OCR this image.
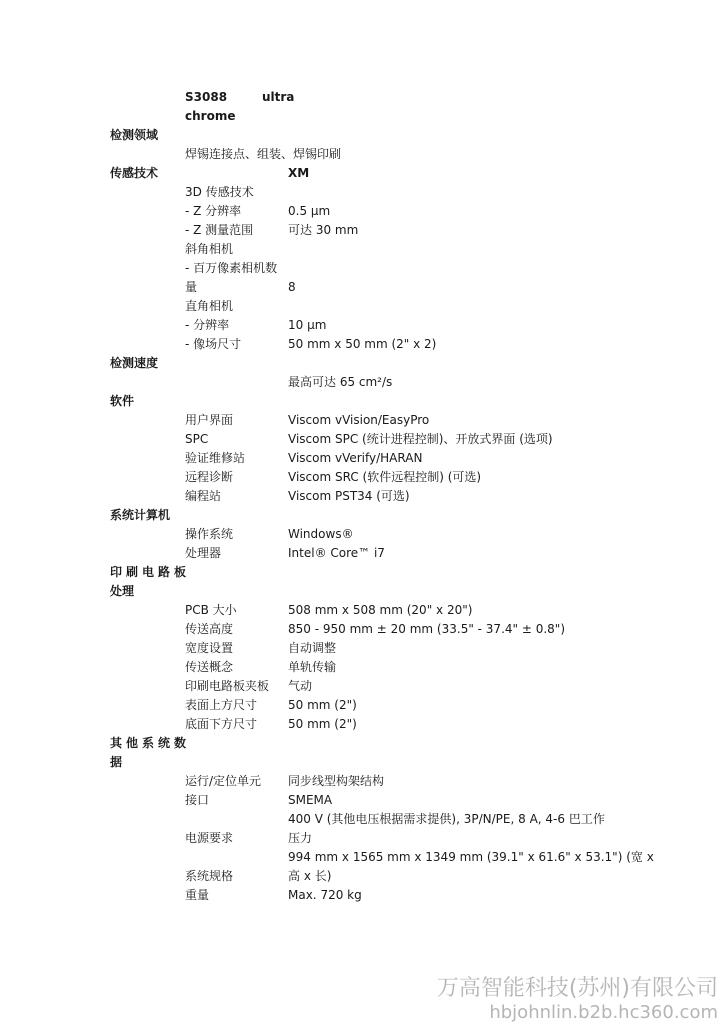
S3088	ultra
chrome
检测领域
焊锡连接点、组装、焊锡印刷
传感技术	XM
3D 传感技术
- Z 分辨率	0.5 μm
- Z 测量范围	可达 30 mm
斜角相机
- 百万像素相机数
量	8
直角相机
- 分辨率	10 μm
- 像场尺寸	50 mm x 50 mm (2" x 2)
检测速度
最高可达 65 cm²/s
软件
用户界面	Viscom vVision/EasyPro
SPC	Viscom SPC (统计进程控制)、开放式界面 (选项)
验证维修站	Viscom vVerify/HARAN
远程诊断	Viscom SRC (软件远程控制) (可选)
编程站	Viscom PST34 (可选)
系统计算机
操作系统	Windows®
处理器	Intel® Core™ i7
印刷电路板
处理
PCB 大小	508 mm x 508 mm (20" x 20")
传送高度	850 - 950 mm ± 20 mm (33.5" - 37.4" ± 0.8")
宽度设置	自动调整
传送概念	单轨传输
印刷电路板夹板 气动
表面上方尺寸	50 mm (2")
底面下方尺寸	50 mm (2")
其他系统数
据
运行/定位单元 同步线型构架结构
接口	SMEMA
400 V (其他电压根据需求提供), 3P/N/PE, 8 A, 4-6 巴工作
电源要求	压力
994 mm x 1565 mm x 1349 mm (39.1" x 61.6" x 53.1") (宽 x
系统规格	高 x 长)
重量	Max. 720 kg
万高智能科技(苏州)有限公司
hbjohnlin.b2b.hc360.com
